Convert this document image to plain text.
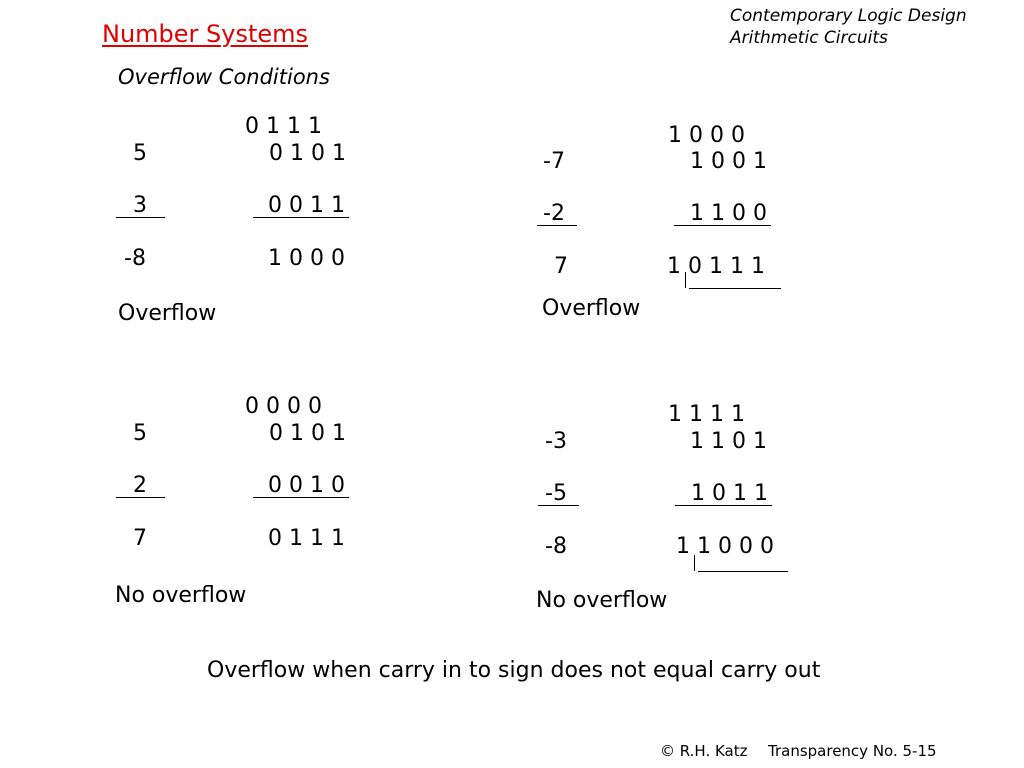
Number Systems
Contemporary Logic Design
Arithmetic Circuits
Overflow Conditions
0 1 1 1
5	0 1 0 1
3	0 0 1 1
-8	1 0 0 0
Overflow
1 0 0 0
-7	1 0 0 1
-2	1 1 0 0
7	1 0 1 1 1
Overflow
0 0 0 0
5	0 1 0 1
2	0 0 1 0
7	0 1 1 1
No overflow
1 1 1 1
-3	1 1 0 1
-5	1 0 1 1
-8	1 1 0 0 0
No overflow
Overflow when carry in to sign does not equal carry out
© R.H. Katz Transparency No. 5-15
